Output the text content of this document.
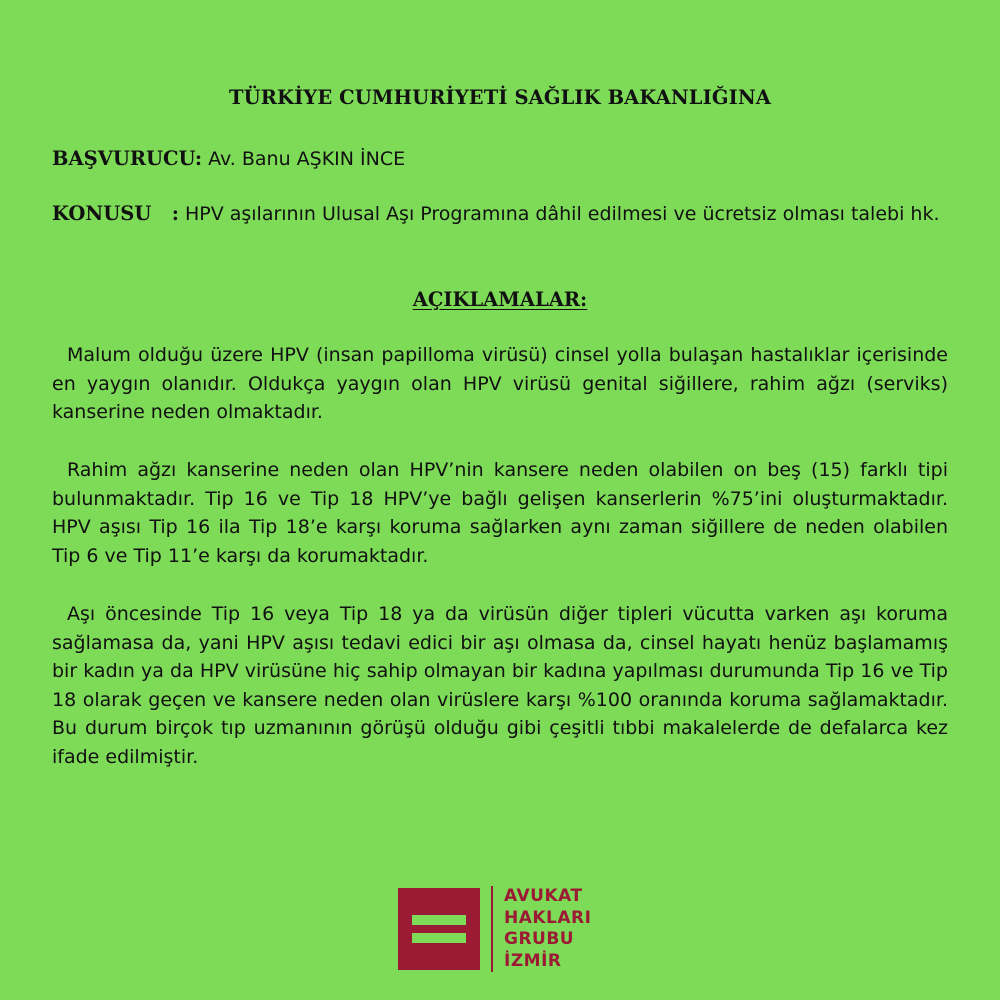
TÜRKİYE CUMHURİYETİ SAĞLIK BAKANLIĞINA
BAŞVURUCU: Av. Banu AŞKIN İNCE
KONUSU   : HPV aşılarının Ulusal Aşı Programına dâhil edilmesi ve ücretsiz olması talebi hk.
AÇIKLAMALAR:

Malum olduğu üzere HPV (insan papilloma virüsü) cinsel yolla bulaşan hastalıklar içerisinde en yaygın olanıdır. Oldukça yaygın olan HPV virüsü genital siğillere, rahim ağzı (serviks) kanserine neden olmaktadır.

Rahim ağzı kanserine neden olan HPV’nin kansere neden olabilen on beş (15) farklı tipi bulunmaktadır. Tip 16 ve Tip 18 HPV’ye bağlı gelişen kanserlerin %75’ini oluşturmaktadır. HPV aşısı Tip 16 ila Tip 18’e karşı koruma sağlarken aynı zaman siğillere de neden olabilen Tip 6 ve Tip 11’e karşı da korumaktadır.

Aşı öncesinde Tip 16 veya Tip 18 ya da virüsün diğer tipleri vücutta varken aşı koruma sağlamasa da, yani HPV aşısı tedavi edici bir aşı olmasa da, cinsel hayatı henüz başlamamış bir kadın ya da HPV virüsüne hiç sahip olmayan bir kadına yapılması durumunda Tip 16 ve Tip 18 olarak geçen ve kansere neden olan virüslere karşı %100 oranında koruma sağlamaktadır. Bu durum birçok tıp uzmanının görüşü olduğu gibi çeşitli tıbbi makalelerde de defalarca kez ifade edilmiştir.

AVUKAT
HAKLARI
GRUBU
İZMİR
